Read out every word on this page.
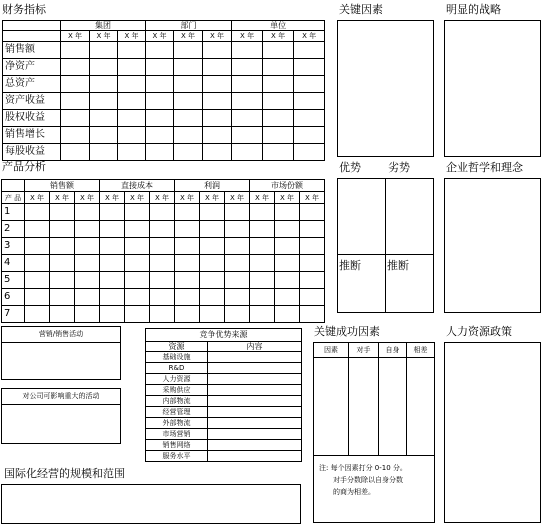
财务指标
	集团			部门			单位		
	X 年	X 年	X 年	X 年	X 年	X 年	X 年	X 年	X 年
销售额									
净资产									
总资产									
资产收益									
股权收益									
销售增长									
每股收益									
产品分析
	销售额			直接成本			利润			市场份额		
产 品	X 年	X 年	X 年	X 年	X 年	X 年	X 年	X 年	X 年	X 年	X 年	X 年
1												
2												
3												
4												
5												
6												
7												
关键因素	明显的战略
优势 劣势
推断 推断
企业哲学和理念
营销/销售活动
对公司可影响重大的活动
国际化经营的规模和范围
竞争优势来源	
资源	内容
基础设施	
R&D	
人力资源	
采购供应	
内部物流	
经营管理	
外部物流	
市场营销	
销售网络	
服务水平	
关键成功因素
因素	对手	自身	相差
注: 每个因素打分 0-10 分。
对手分数除以自身分数
的商为相差。
人力资源政策
